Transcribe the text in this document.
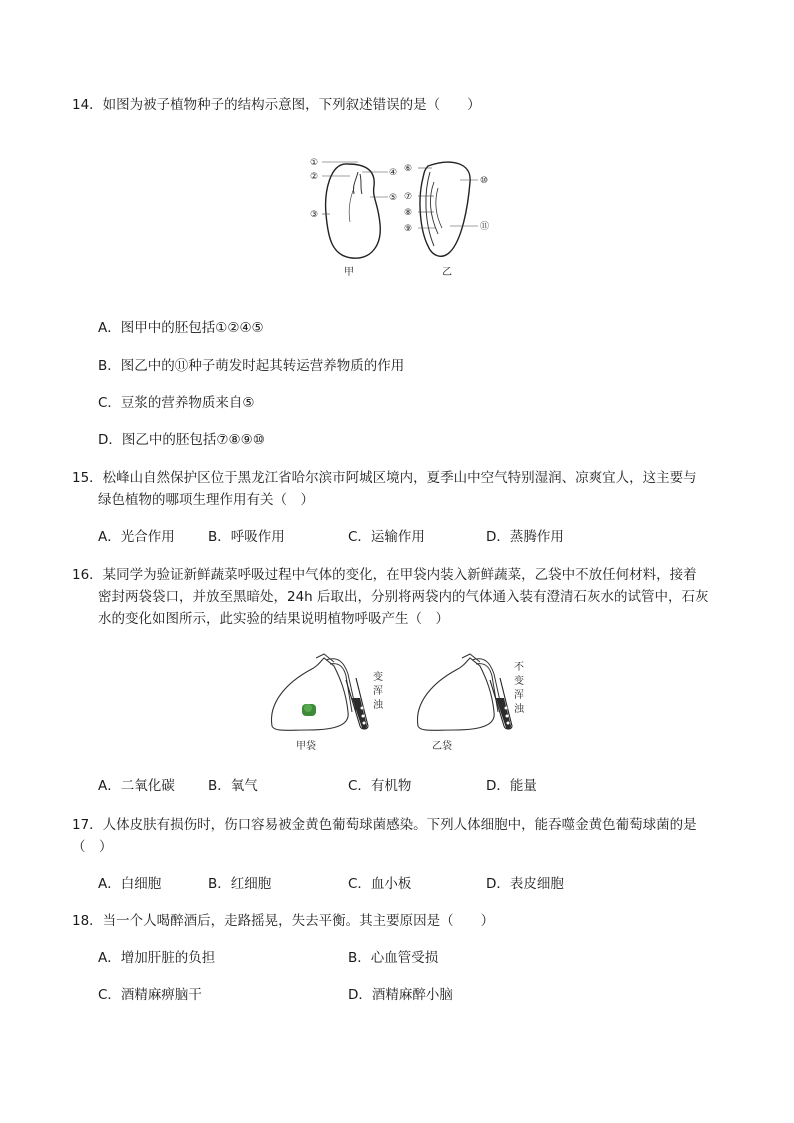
14．如图为被子植物种子的结构示意图，下列叙述错误的是（　　）
①
②
③
④
⑤
甲
⑥
⑦
⑧
⑨
⑩
⑪
乙
A．图甲中的胚包括①②④⑤
B．图乙中的⑪种子萌发时起其转运营养物质的作用
C．豆浆的营养物质来自⑤
D．图乙中的胚包括⑦⑧⑨⑩
15．松峰山自然保护区位于黑龙江省哈尔滨市阿城区境内，夏季山中空气特别湿润、凉爽宜人，这主要与
绿色植物的哪项生理作用有关（　）
A．光合作用 B．呼吸作用	C．运输作用	D．蒸腾作用
16．某同学为验证新鲜蔬菜呼吸过程中气体的变化，在甲袋内装入新鲜蔬菜，乙袋中不放任何材料，接着
密封两袋袋口，并放至黑暗处，24h 后取出，分别将两袋内的气体通入装有澄清石灰水的试管中，石灰
水的变化如图所示，此实验的结果说明植物呼吸产生（　）
变
浑
浊
甲袋
不
变
浑
浊
乙袋
A．二氧化碳 B．氧气	C．有机物	D．能量
17．人体皮肤有损伤时，伤口容易被金黄色葡萄球菌感染。下列人体细胞中，能吞噬金黄色葡萄球菌的是
（　）
A．白细胞	B．红细胞	C．血小板	D．表皮细胞
18．当一个人喝醉酒后，走路摇晃，失去平衡。其主要原因是（　　）
A．增加肝脏的负担	B．心血管受损
C．酒精麻痹脑干	D．酒精麻醉小脑
